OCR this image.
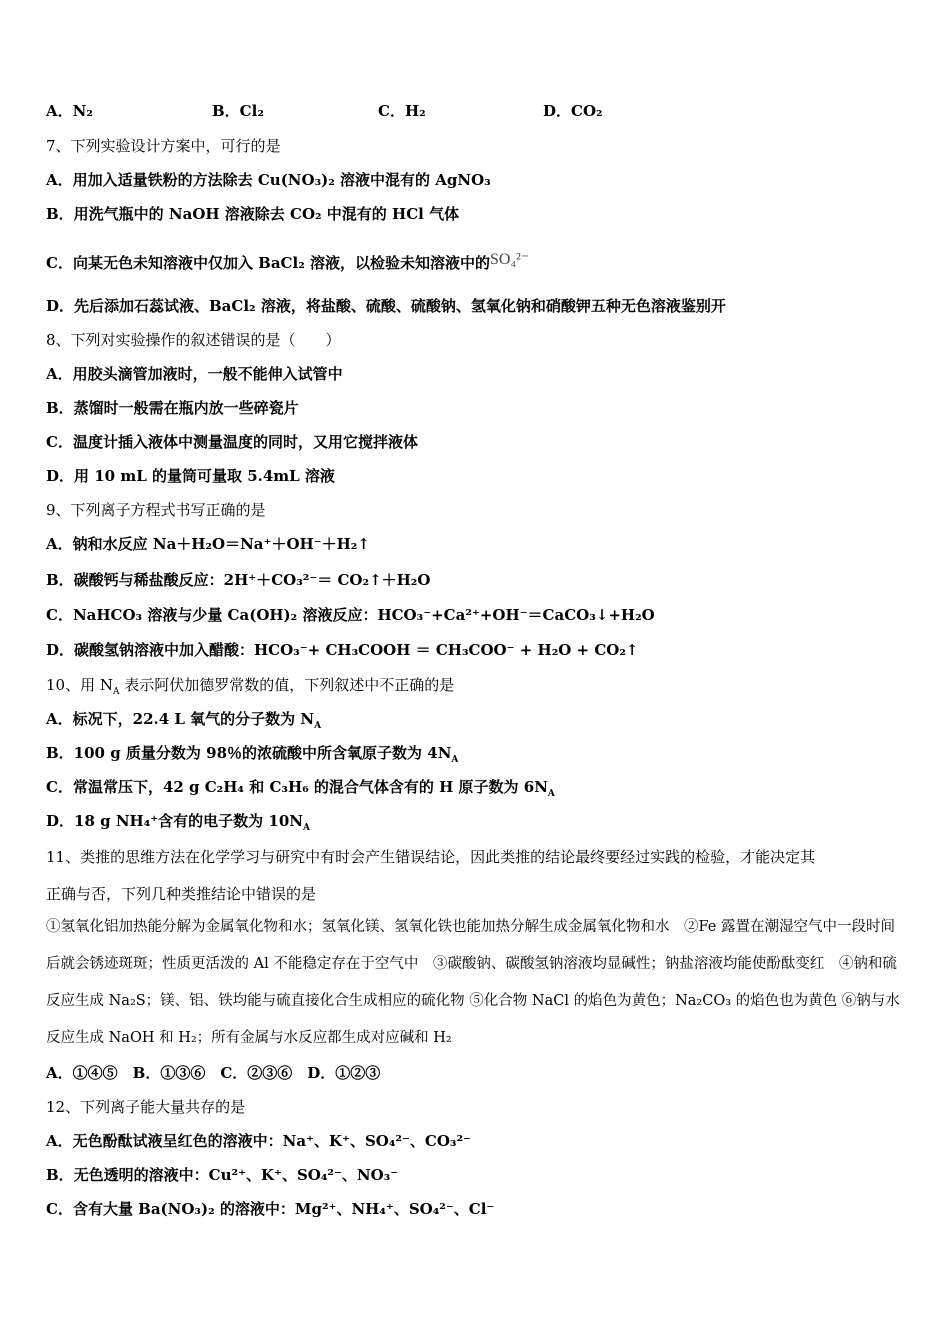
A．N₂	B．Cl₂	C．H₂	D．CO₂
7、下列实验设计方案中，可行的是
A．用加入适量铁粉的方法除去 Cu(NO₃)₂ 溶液中混有的 AgNO₃
B．用洗气瓶中的 NaOH 溶液除去 CO₂ 中混有的 HCl 气体
C．向某无色未知溶液中仅加入 BaCl₂ 溶液，以检验未知溶液中的SO₄²⁻
D．先后添加石蕊试液、BaCl₂ 溶液，将盐酸、硫酸、硫酸钠、氢氧化钠和硝酸钾五种无色溶液鉴别开
8、下列对实验操作的叙述错误的是（　　）
A．用胶头滴管加液时，一般不能伸入试管中
B．蒸馏时一般需在瓶内放一些碎瓷片
C．温度计插入液体中测量温度的同时，又用它搅拌液体
D．用 10 mL 的量筒可量取 5.4mL 溶液
9、下列离子方程式书写正确的是
A．钠和水反应 Na＋H₂O＝Na⁺＋OH⁻＋H₂↑
B．碳酸钙与稀盐酸反应：2H⁺＋CO₃²⁻＝ CO₂↑＋H₂O
C．NaHCO₃ 溶液与少量 Ca(OH)₂ 溶液反应：HCO₃⁻+Ca²⁺+OH⁻＝CaCO₃↓+H₂O
D．碳酸氢钠溶液中加入醋酸：HCO₃⁻+ CH₃COOH ＝ CH₃COO⁻ + H₂O + CO₂↑
10、用 $N_A$ 表示阿伏加德罗常数的值，下列叙述中不正确的是
A．标况下，22.4 L 氧气的分子数为 $N_A$
B．100 g 质量分数为 98％的浓硫酸中所含氧原子数为 $4N_A$
C．常温常压下，42 g C₂H₄ 和 C₃H₆ 的混合气体含有的 H 原子数为 $6N_A$
D．18 g NH₄⁺含有的电子数为 $10N_A$
11、类推的思维方法在化学学习与研究中有时会产生错误结论，因此类推的结论最终要经过实践的检验，才能决定其
正确与否，下列几种类推结论中错误的是
①氢氧化铝加热能分解为金属氧化物和水；氢氧化镁、氢氧化铁也能加热分解生成金属氧化物和水　②Fe 露置在潮湿空气中一段时间后就会锈迹斑斑；性质更活泼的 Al 不能稳定存在于空气中　③碳酸钠、碳酸氢钠溶液均显碱性；钠盐溶液均能使酚酞变红　④钠和硫反应生成 Na₂S；镁、铝、铁均能与硫直接化合生成相应的硫化物 ⑤化合物 NaCl 的焰色为黄色；Na₂CO₃ 的焰色也为黄色 ⑥钠与水反应生成 NaOH 和 H₂；所有金属与水反应都生成对应碱和 H₂
A．①④⑤　B．①③⑥　C．②③⑥　D．①②③
12、下列离子能大量共存的是
A．无色酚酞试液呈红色的溶液中：Na⁺、K⁺、SO₄²⁻、CO₃²⁻
B．无色透明的溶液中：Cu²⁺、K⁺、SO₄²⁻、NO₃⁻
C．含有大量 Ba(NO₃)₂ 的溶液中：Mg²⁺、NH₄⁺、SO₄²⁻、Cl⁻
